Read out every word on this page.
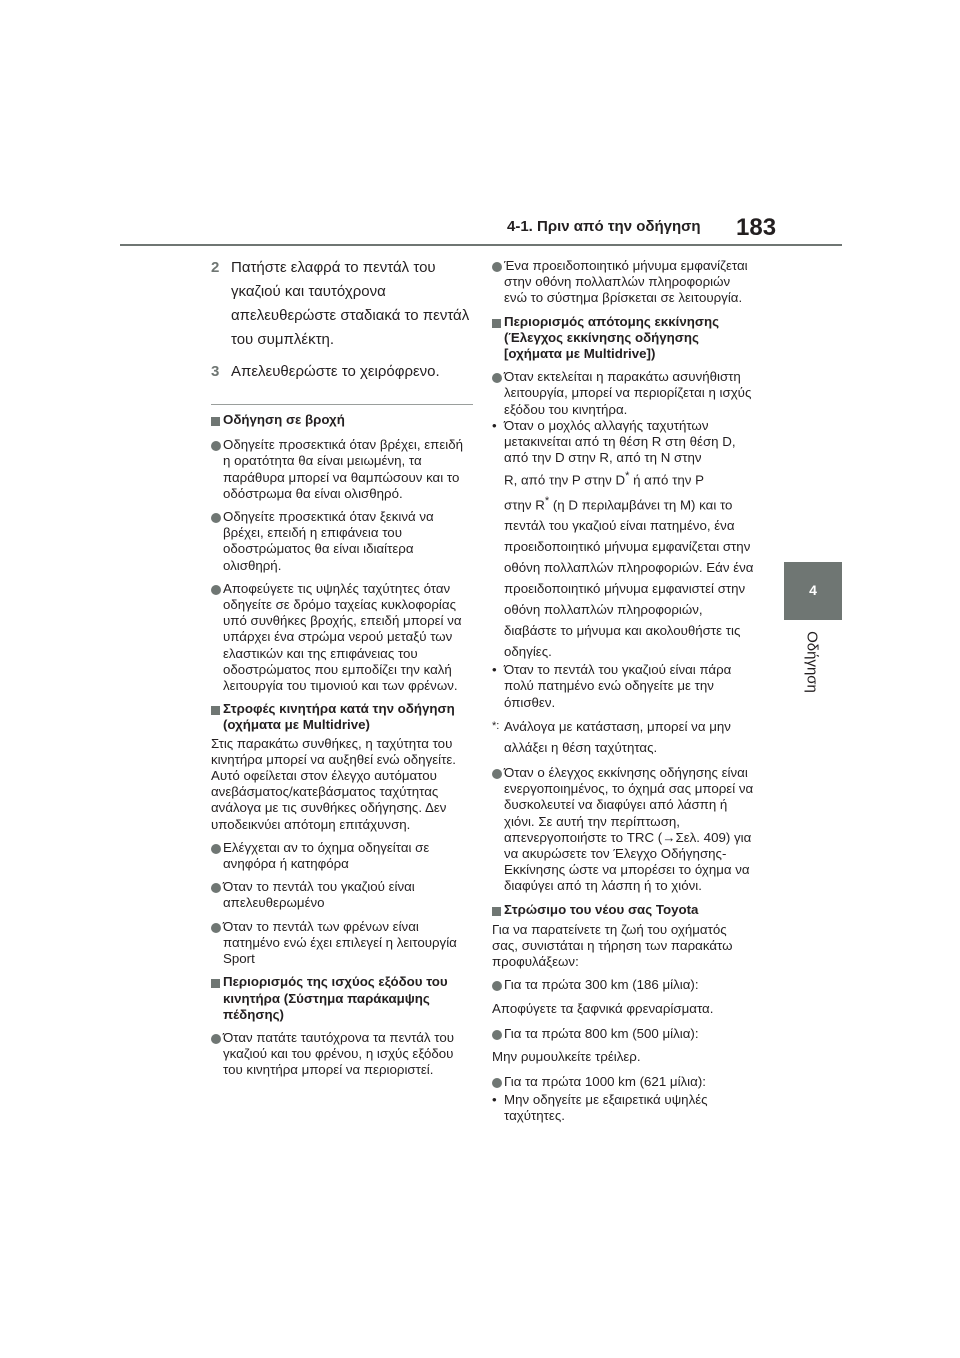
4-1. Πριν από την οδήγηση 183
4
Οδήγηση
2 Πατήστε ελαφρά το πεντάλ του γκαζιού και ταυτόχρονα απελευθερώστε σταδιακά το πεντάλ του συμπλέκτη.
3 Απελευθερώστε το χειρόφρενο.
Οδήγηση σε βροχή
Οδηγείτε προσεκτικά όταν βρέχει, επειδή η ορατότητα θα είναι μειωμένη, τα παράθυρα μπορεί να θαμπώσουν και το οδόστρωμα θα είναι ολισθηρό.
Οδηγείτε προσεκτικά όταν ξεκινά να βρέχει, επειδή η επιφάνεια του οδοστρώματος θα είναι ιδιαίτερα ολισθηρή.
Αποφεύγετε τις υψηλές ταχύτητες όταν οδηγείτε σε δρόμο ταχείας κυκλοφορίας υπό συνθήκες βροχής, επειδή μπορεί να υπάρχει ένα στρώμα νερού μεταξύ των ελαστικών και της επιφάνειας του οδοστρώματος που εμποδίζει την καλή λειτουργία του τιμονιού και των φρένων.
Στροφές κινητήρα κατά την οδήγηση (οχήματα με Multidrive)
Στις παρακάτω συνθήκες, η ταχύτητα του κινητήρα μπορεί να αυξηθεί ενώ οδηγείτε. Αυτό οφείλεται στον έλεγχο αυτόματου ανεβάσματος/κατεβάσματος ταχύτητας ανάλογα με τις συνθήκες οδήγησης. Δεν υποδεικνύει απότομη επιτάχυνση.
Ελέγχεται αν το όχημα οδηγείται σε ανηφόρα ή κατηφόρα
Όταν το πεντάλ του γκαζιού είναι απελευθερωμένο
Όταν το πεντάλ των φρένων είναι πατημένο ενώ έχει επιλεγεί η λειτουργία Sport
Περιορισμός της ισχύος εξόδου του κινητήρα (Σύστημα παράκαμψης πέδησης)
Όταν πατάτε ταυτόχρονα τα πεντάλ του γκαζιού και του φρένου, η ισχύς εξόδου του κινητήρα μπορεί να περιοριστεί.
Ένα προειδοποιητικό μήνυμα εμφανίζεται στην οθόνη πολλαπλών πληροφοριών ενώ το σύστημα βρίσκεται σε λειτουργία.
Περιορισμός απότομης εκκίνησης (Έλεγχος εκκίνησης οδήγησης [οχήματα με Multidrive])
Όταν εκτελείται η παρακάτω ασυνήθιστη λειτουργία, μπορεί να περιορίζεται η ισχύς εξόδου του κινητήρα.
• Όταν ο μοχλός αλλαγής ταχυτήτων μετακινείται από τη θέση R στη θέση D, από την D στην R, από τη N στην
R, από την P στην D* ή από την P
στην R* (η D περιλαμβάνει τη M) και το πεντάλ του γκαζιού είναι πατημένο, ένα προειδοποιητικό μήνυμα εμφανίζεται στην οθόνη πολλαπλών πληροφοριών. Εάν ένα προειδοποιητικό μήνυμα εμφανιστεί στην οθόνη πολλαπλών πληροφοριών, διαβάστε το μήνυμα και ακολουθήστε τις οδηγίες.
• Όταν το πεντάλ του γκαζιού είναι πάρα πολύ πατημένο ενώ οδηγείτε με την όπισθεν.
*: Ανάλογα με κατάσταση, μπορεί να μην αλλάξει η θέση ταχύτητας.
Όταν ο έλεγχος εκκίνησης οδήγησης είναι ενεργοποιημένος, το όχημά σας μπορεί να δυσκολευτεί να διαφύγει από λάσπη ή χιόνι. Σε αυτή την περίπτωση, απενεργοποιήστε το TRC (→Σελ. 409) για να ακυρώσετε τον Έλεγχο Οδήγησης-Εκκίνησης ώστε να μπορέσει το όχημα να διαφύγει από τη λάσπη ή το χιόνι.
Στρώσιμο του νέου σας Toyota
Για να παρατείνετε τη ζωή του οχήματός σας, συνιστάται η τήρηση των παρακάτω προφυλάξεων:
Για τα πρώτα 300 km (186 μίλια):
Αποφύγετε τα ξαφνικά φρεναρίσματα.
Για τα πρώτα 800 km (500 μίλια):
Μην ρυμουλκείτε τρέιλερ.
Για τα πρώτα 1000 km (621 μίλια):
• Μην οδηγείτε με εξαιρετικά υψηλές ταχύτητες.
